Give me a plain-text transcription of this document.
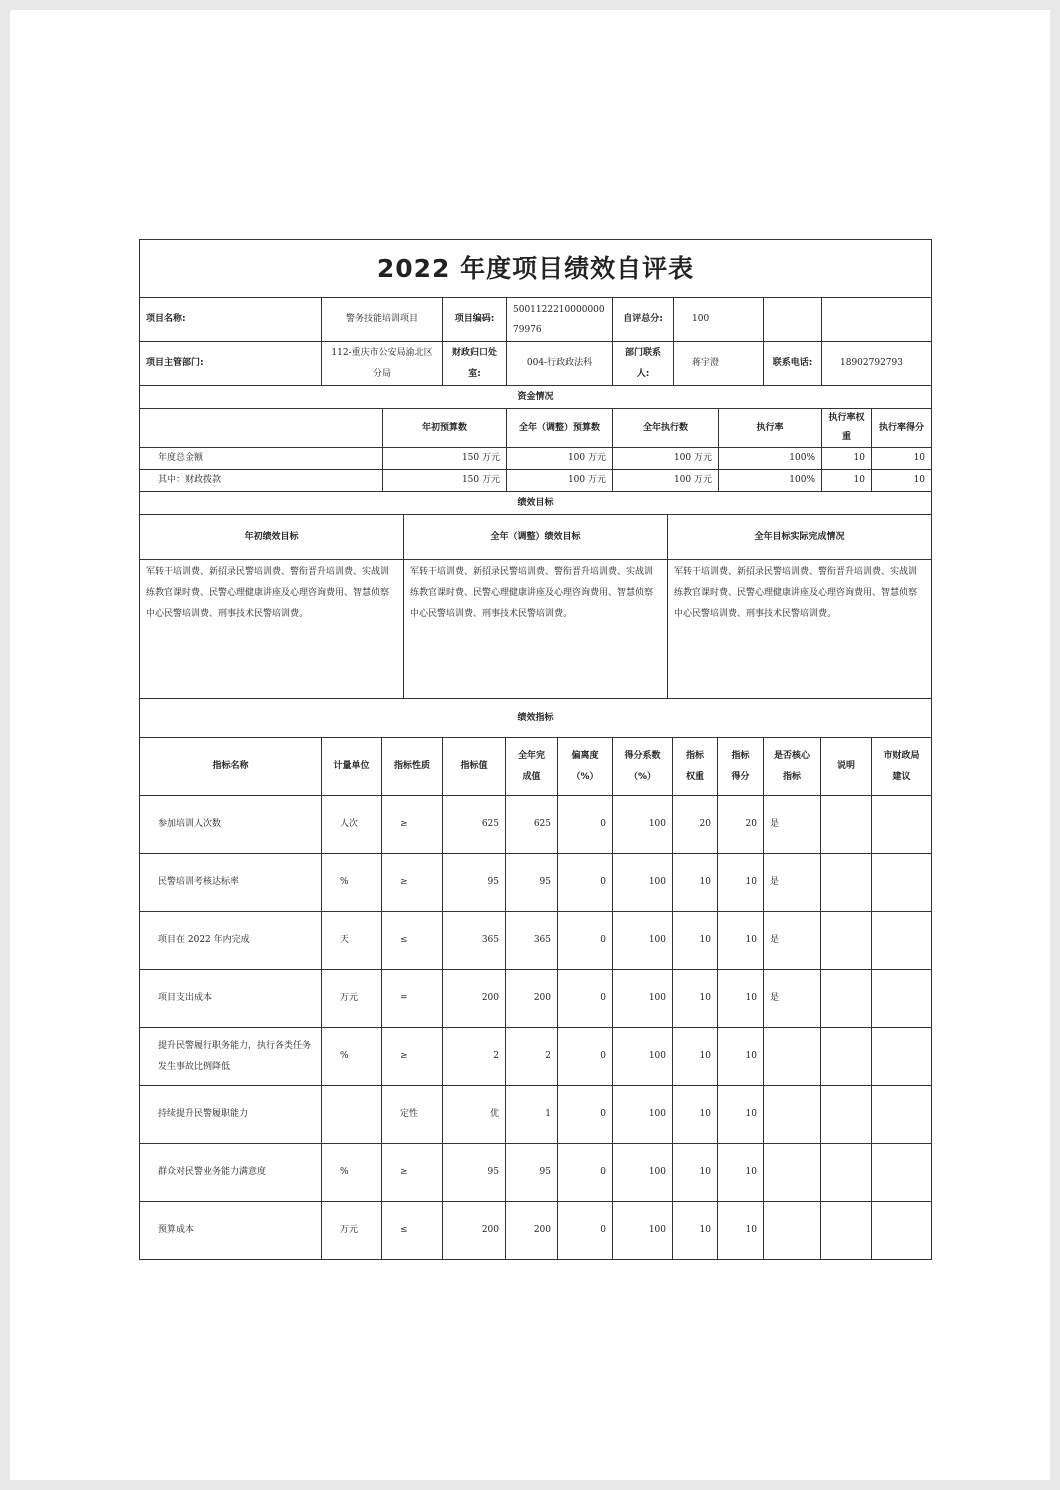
2022 年度项目绩效自评表							
项目名称:	警务技能培训项目	项目编码:	500112221000000079976	自评总分:	100		
项目主管部门:	112-重庆市公安局渝北区分局	财政归口处室:	004-行政政法科	部门联系人:	蒋宇澄	联系电话:	18902792793
资金情况						
	年初预算数	全年（调整）预算数	全年执行数	执行率	执行率权重	执行率得分
年度总金额	150 万元	100 万元	100 万元	100%	10	10
其中：财政拨款	150 万元	100 万元	100 万元	100%	10	10
绩效目标		
年初绩效目标	全年（调整）绩效目标	全年目标实际完成情况
军转干培训费、新招录民警培训费、警衔晋升培训费、实战训练教官课时费、民警心理健康讲座及心理咨询费用、智慧侦察中心民警培训费、刑事技术民警培训费。	军转干培训费、新招录民警培训费、警衔晋升培训费、实战训练教官课时费、民警心理健康讲座及心理咨询费用、智慧侦察中心民警培训费、刑事技术民警培训费。	军转干培训费、新招录民警培训费、警衔晋升培训费、实战训练教官课时费、民警心理健康讲座及心理咨询费用、智慧侦察中心民警培训费、刑事技术民警培训费。
绩效指标											
指标名称	计量单位	指标性质	指标值	全年完成值	偏离度（%）	得分系数（%）	指标权重	指标得分	是否核心指标	说明	市财政局建议
参加培训人次数	人次	≥	625	625	0	100	20	20	是		
民警培训考核达标率	%	≥	95	95	0	100	10	10	是		
项目在 2022 年内完成	天	≤	365	365	0	100	10	10	是		
项目支出成本	万元	=	200	200	0	100	10	10	是		
提升民警履行职务能力，执行各类任务发生事故比例降低	%	≥	2	2	0	100	10	10			
持续提升民警履职能力		定性	优	1	0	100	10	10			
群众对民警业务能力满意度	%	≥	95	95	0	100	10	10			
预算成本	万元	≤	200	200	0	100	10	10			
